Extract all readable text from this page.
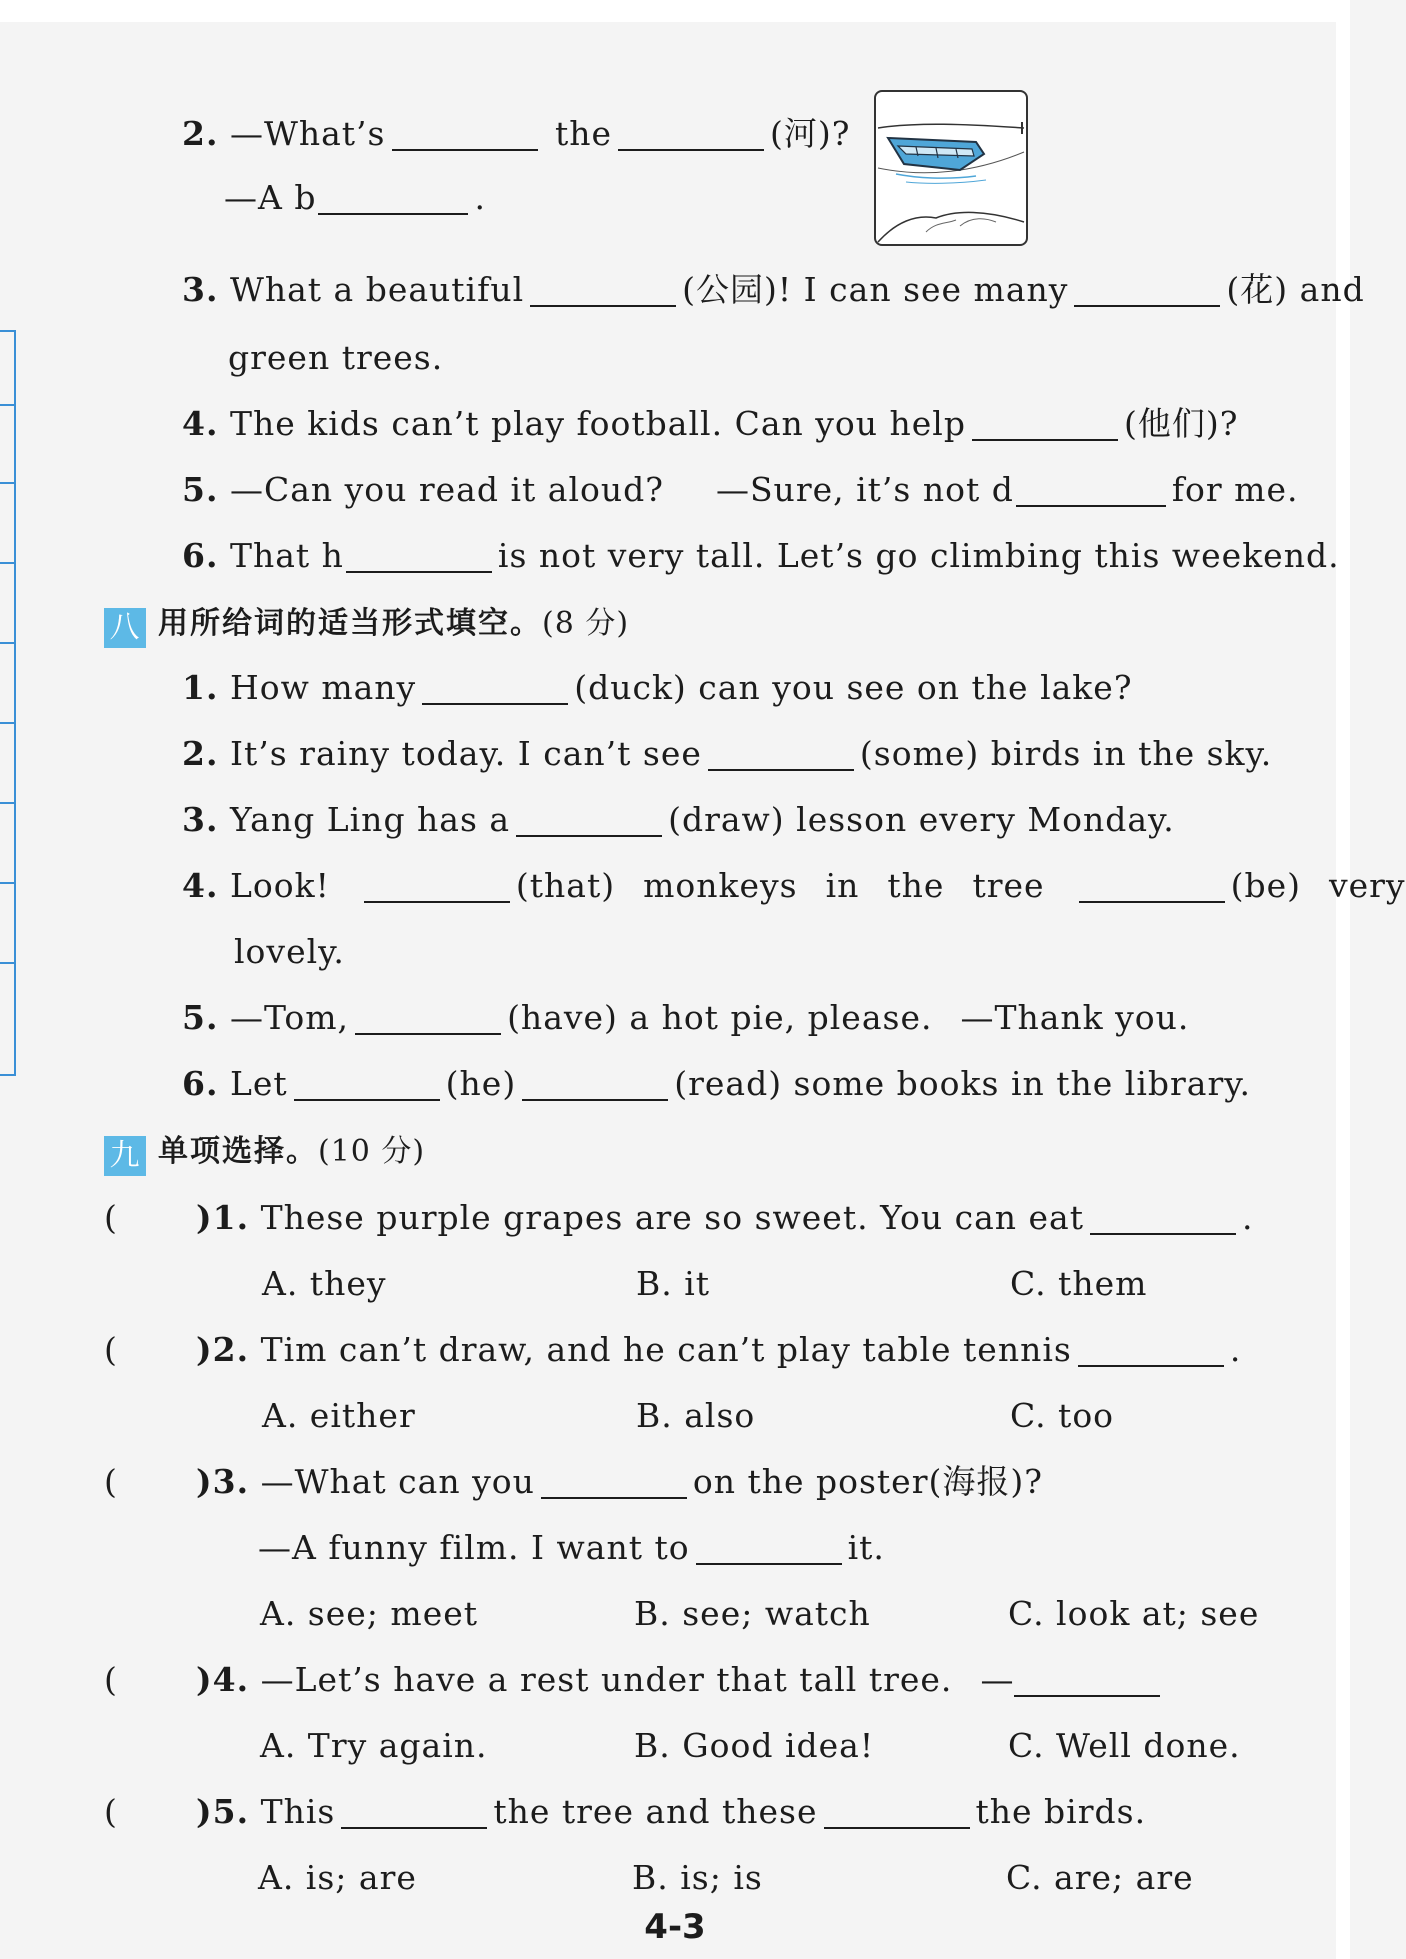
2. —What’s	the	(河)?
—A b	.
3. What a beautiful	(公园)! I can see many	(花) and
green trees.
4. The kids can’t play football. Can you help	(他们)?
5. —Can you read it aloud? —Sure, it’s not d	for me.
6. That h	is not very tall. Let’s go climbing this weekend.
八 用所给词的适当形式填空。(8 分)
1. How many	(duck) can you see on the lake?
2. It’s rainy today. I can’t see	(some) birds in the sky.
3. Yang Ling has a	(draw) lesson every Monday.
4. Look!	(that) monkeys in the tree	(be) very
lovely.
5. —Tom,	(have) a hot pie, please. —Thank you.
6. Let	(he)	(read) some books in the library.
九 单项选择。(10 分)
( )1. These purple grapes are so sweet. You can eat	.
A. they	B. it	C. them
( )2. Tim can’t draw, and he can’t play table tennis	.
A. either	B. also	C. too
( )3. —What can you	on the poster(海报)?
—A funny film. I want to	it.
A. see; meet	B. see; watch	C. look at; see
( )4. —Let’s have a rest under that tall tree. —
A. Try again.	B. Good idea!	C. Well done.
( )5. This	the tree and these	the birds.
A. is; are	B. is; is	C. are; are
4-3
